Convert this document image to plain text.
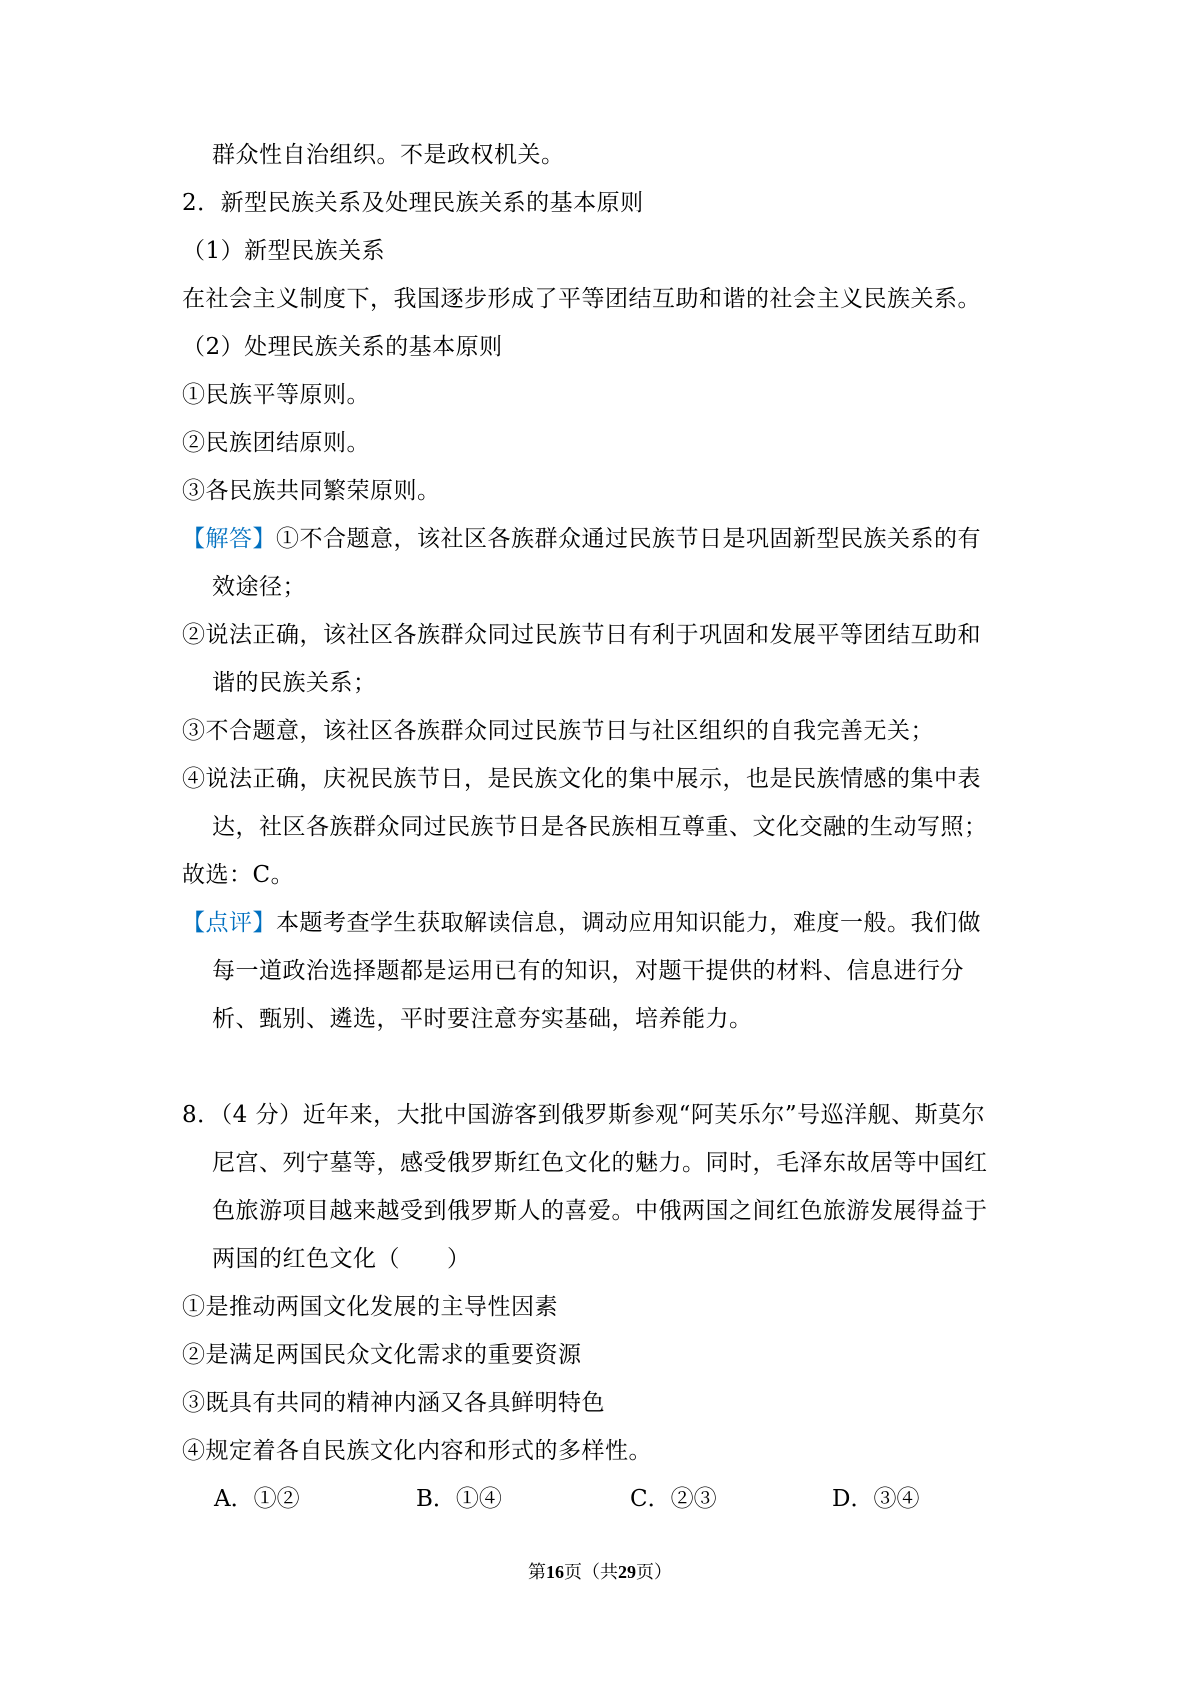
群众性自治组织。不是政权机关。
2．新型民族关系及处理民族关系的基本原则
（1）新型民族关系
在社会主义制度下，我国逐步形成了平等团结互助和谐的社会主义民族关系。
（2）处理民族关系的基本原则
①民族平等原则。
②民族团结原则。
③各民族共同繁荣原则。
【解答】①不合题意，该社区各族群众通过民族节日是巩固新型民族关系的有
效途径；
②说法正确，该社区各族群众同过民族节日有利于巩固和发展平等团结互助和
谐的民族关系；
③不合题意，该社区各族群众同过民族节日与社区组织的自我完善无关；
④说法正确，庆祝民族节日，是民族文化的集中展示，也是民族情感的集中表
达，社区各族群众同过民族节日是各民族相互尊重、文化交融的生动写照；
故选：C。
【点评】本题考查学生获取解读信息，调动应用知识能力，难度一般。我们做
每一道政治选择题都是运用已有的知识，对题干提供的材料、信息进行分
析、甄别、遴选，平时要注意夯实基础，培养能力。
8．（4 分）近年来，大批中国游客到俄罗斯参观“阿芙乐尔”号巡洋舰、斯莫尔
尼宫、列宁墓等，感受俄罗斯红色文化的魅力。同时，毛泽东故居等中国红
色旅游项目越来越受到俄罗斯人的喜爱。中俄两国之间红色旅游发展得益于
两国的红色文化（　　）
①是推动两国文化发展的主导性因素
②是满足两国民众文化需求的重要资源
③既具有共同的精神内涵又各具鲜明特色
④规定着各自民族文化内容和形式的多样性。
A．①②	B．①④	C．②③	D．③④
第16页（共29页）
